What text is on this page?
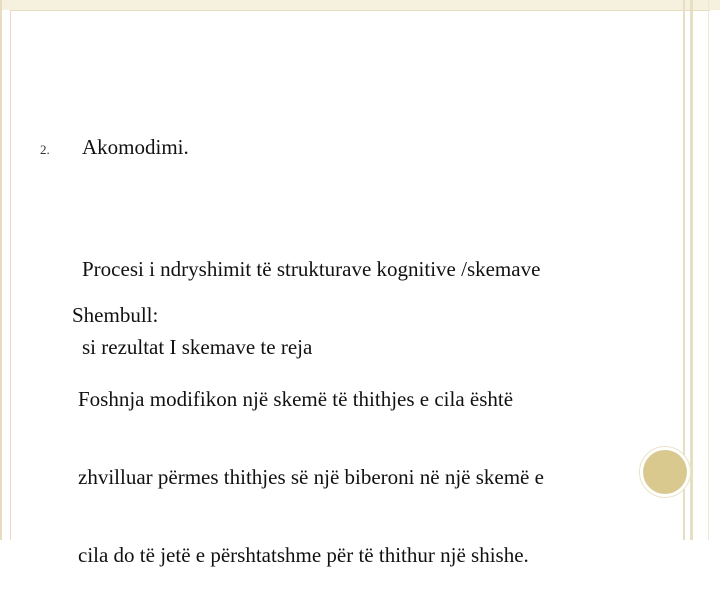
2. Akomodimi.

Procesi i ndryshimit të strukturave kognitive /skemave

si rezultat I skemave te reja

Shembull:

Foshnja modifikon një skemë të thithjes e cila është

zhvilluar përmes thithjes së një biberoni në një skemë e

cila do të jetë e përshtatshme për të thithur një shishe.
